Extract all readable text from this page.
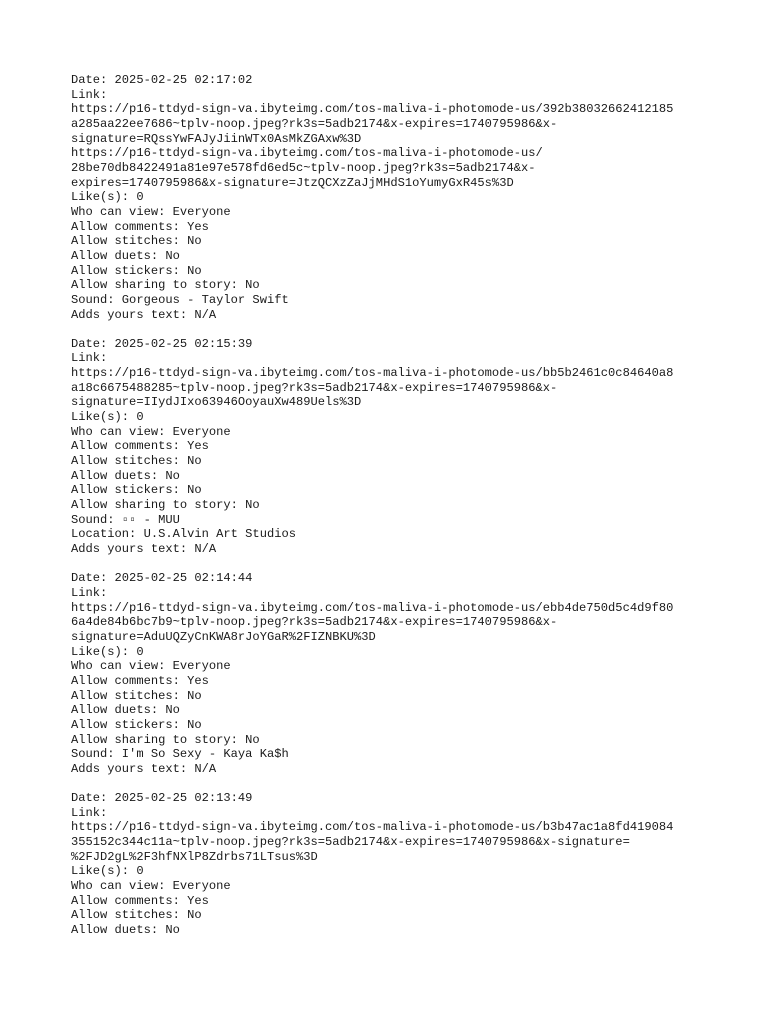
Date: 2025-02-25 02:17:02
Link:
https://p16-ttdyd-sign-va.ibyteimg.com/tos-maliva-i-photomode-us/392b38032662412185
a285aa22ee7686~tplv-noop.jpeg?rk3s=5adb2174&x-expires=1740795986&x-
signature=RQssYwFAJyJiinWTx0AsMkZGAxw%3D
https://p16-ttdyd-sign-va.ibyteimg.com/tos-maliva-i-photomode-us/
28be70db8422491a81e97e578fd6ed5c~tplv-noop.jpeg?rk3s=5adb2174&x-
expires=1740795986&x-signature=JtzQCXzZaJjMHdS1oYumyGxR45s%3D
Like(s): 0
Who can view: Everyone
Allow comments: Yes
Allow stitches: No
Allow duets: No
Allow stickers: No
Allow sharing to story: No
Sound: Gorgeous - Taylor Swift
Adds yours text: N/A
Date: 2025-02-25 02:15:39
Link:
https://p16-ttdyd-sign-va.ibyteimg.com/tos-maliva-i-photomode-us/bb5b2461c0c84640a8
a18c6675488285~tplv-noop.jpeg?rk3s=5adb2174&x-expires=1740795986&x-
signature=IIydJIxo63946OoyauXw489Uels%3D
Like(s): 0
Who can view: Everyone
Allow comments: Yes
Allow stitches: No
Allow duets: No
Allow stickers: No
Allow sharing to story: No
Sound: ▫▫ - MUU
Location: U.S.Alvin Art Studios
Adds yours text: N/A
Date: 2025-02-25 02:14:44
Link:
https://p16-ttdyd-sign-va.ibyteimg.com/tos-maliva-i-photomode-us/ebb4de750d5c4d9f80
6a4de84b6bc7b9~tplv-noop.jpeg?rk3s=5adb2174&x-expires=1740795986&x-
signature=AduUQZyCnKWA8rJoYGaR%2FIZNBKU%3D
Like(s): 0
Who can view: Everyone
Allow comments: Yes
Allow stitches: No
Allow duets: No
Allow stickers: No
Allow sharing to story: No
Sound: I'm So Sexy - Kaya Ka$h
Adds yours text: N/A
Date: 2025-02-25 02:13:49
Link:
https://p16-ttdyd-sign-va.ibyteimg.com/tos-maliva-i-photomode-us/b3b47ac1a8fd419084
355152c344c11a~tplv-noop.jpeg?rk3s=5adb2174&x-expires=1740795986&x-signature=
%2FJD2gL%2F3hfNXlP8Zdrbs71LTsus%3D
Like(s): 0
Who can view: Everyone
Allow comments: Yes
Allow stitches: No
Allow duets: No
